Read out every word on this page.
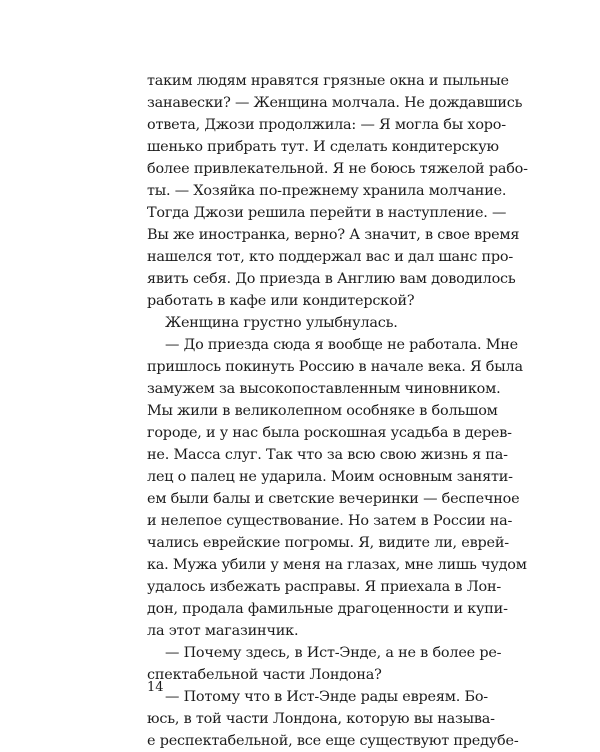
таким людям нравятся грязные окна и пыльные
занавески? — Женщина молчала. Не дождавшись
ответа, Джози продолжила: — Я могла бы хоро-
шенько прибрать тут. И сделать кондитерскую
более привлекательной. Я не боюсь тяжелой рабо-
ты. — Хозяйка по-прежнему хранила молчание.
Тогда Джози решила перейти в наступление. —
Вы же иностранка, верно? А значит, в свое время
нашелся тот, кто поддержал вас и дал шанс про-
явить себя. До приезда в Англию вам доводилось
работать в кафе или кондитерской?
Женщина грустно улыбнулась.
— До приезда сюда я вообще не работала. Мне
пришлось покинуть Россию в начале века. Я была
замужем за высокопоставленным чиновником.
Мы жили в великолепном особняке в большом
городе, и у нас была роскошная усадьба в дерев-
не. Масса слуг. Так что за всю свою жизнь я па-
лец о палец не ударила. Моим основным заняти-
ем были балы и светские вечеринки — беспечное
и нелепое существование. Но затем в России на-
чались еврейские погромы. Я, видите ли, еврей-
ка. Мужа убили у меня на глазах, мне лишь чудом
удалось избежать расправы. Я приехала в Лон-
дон, продала фамильные драгоценности и купи-
ла этот магазинчик.
— Почему здесь, в Ист-Энде, а не в более ре-
спектабельной части Лондона?
— Потому что в Ист-Энде рады евреям. Бо-
юсь, в той части Лондона, которую вы называ-
е респектабельной, все еще существуют предубе-
14
